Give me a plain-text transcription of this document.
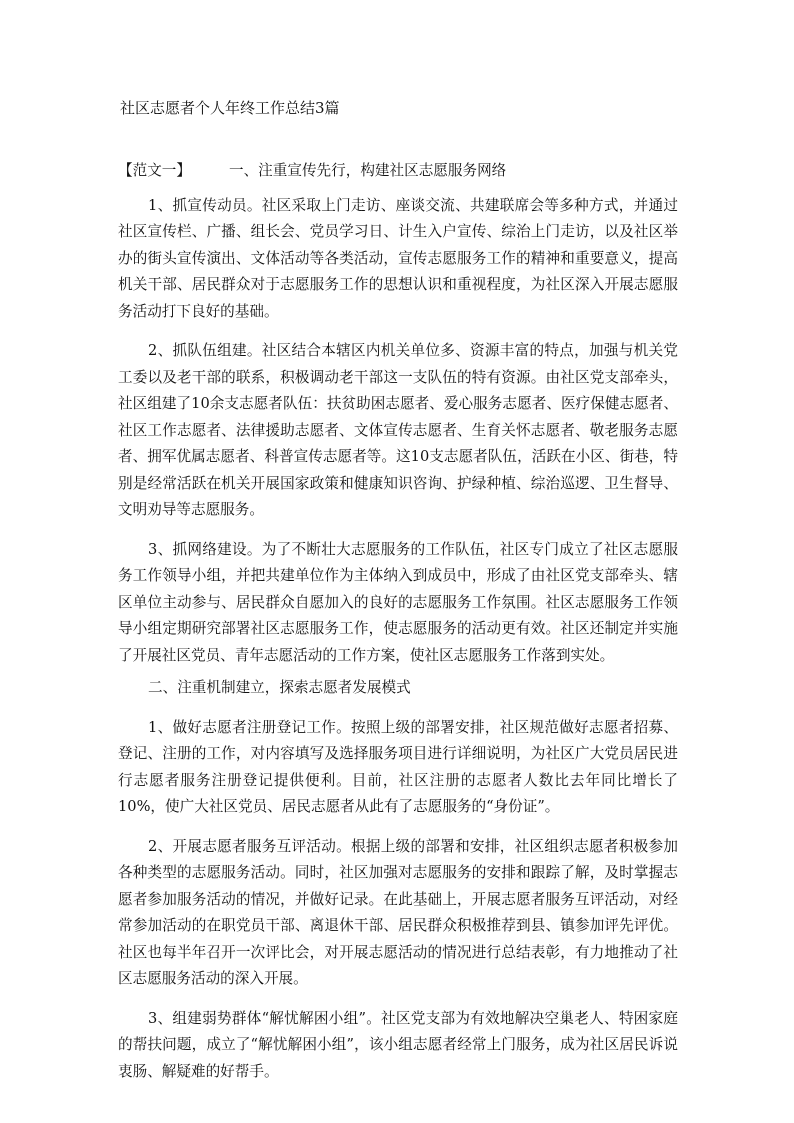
社区志愿者个人年终工作总结3篇

【范文一】	一、注重宣传先行，构建社区志愿服务网络

1、抓宣传动员。社区采取上门走访、座谈交流、共建联席会等多种方式，并通过社区宣传栏、广播、组长会、党员学习日、计生入户宣传、综治上门走访，以及社区举办的街头宣传演出、文体活动等各类活动，宣传志愿服务工作的精神和重要意义，提高机关干部、居民群众对于志愿服务工作的思想认识和重视程度，为社区深入开展志愿服务活动打下良好的基础。

2、抓队伍组建。社区结合本辖区内机关单位多、资源丰富的特点，加强与机关党工委以及老干部的联系，积极调动老干部这一支队伍的特有资源。由社区党支部牵头，社区组建了10余支志愿者队伍：扶贫助困志愿者、爱心服务志愿者、医疗保健志愿者、社区工作志愿者、法律援助志愿者、文体宣传志愿者、生育关怀志愿者、敬老服务志愿者、拥军优属志愿者、科普宣传志愿者等。这10支志愿者队伍，活跃在小区、街巷，特别是经常活跃在机关开展国家政策和健康知识咨询、护绿种植、综治巡逻、卫生督导、文明劝导等志愿服务。

3、抓网络建设。为了不断壮大志愿服务的工作队伍，社区专门成立了社区志愿服务工作领导小组，并把共建单位作为主体纳入到成员中，形成了由社区党支部牵头、辖区单位主动参与、居民群众自愿加入的良好的志愿服务工作氛围。社区志愿服务工作领导小组定期研究部署社区志愿服务工作，使志愿服务的活动更有效。社区还制定并实施了开展社区党员、青年志愿活动的工作方案，使社区志愿服务工作落到实处。

二、注重机制建立，探索志愿者发展模式

1、做好志愿者注册登记工作。按照上级的部署安排，社区规范做好志愿者招募、登记、注册的工作，对内容填写及选择服务项目进行详细说明，为社区广大党员居民进行志愿者服务注册登记提供便利。目前，社区注册的志愿者人数比去年同比增长了10%，使广大社区党员、居民志愿者从此有了志愿服务的“身份证”。

2、开展志愿者服务互评活动。根据上级的部署和安排，社区组织志愿者积极参加各种类型的志愿服务活动。同时，社区加强对志愿服务的安排和跟踪了解，及时掌握志愿者参加服务活动的情况，并做好记录。在此基础上，开展志愿者服务互评活动，对经常参加活动的在职党员干部、离退休干部、居民群众积极推荐到县、镇参加评先评优。社区也每半年召开一次评比会，对开展志愿活动的情况进行总结表彰，有力地推动了社区志愿服务活动的深入开展。

3、组建弱势群体“解忧解困小组”。社区党支部为有效地解决空巢老人、特困家庭的帮扶问题，成立了“解忧解困小组”，该小组志愿者经常上门服务，成为社区居民诉说衷肠、解疑难的好帮手。
